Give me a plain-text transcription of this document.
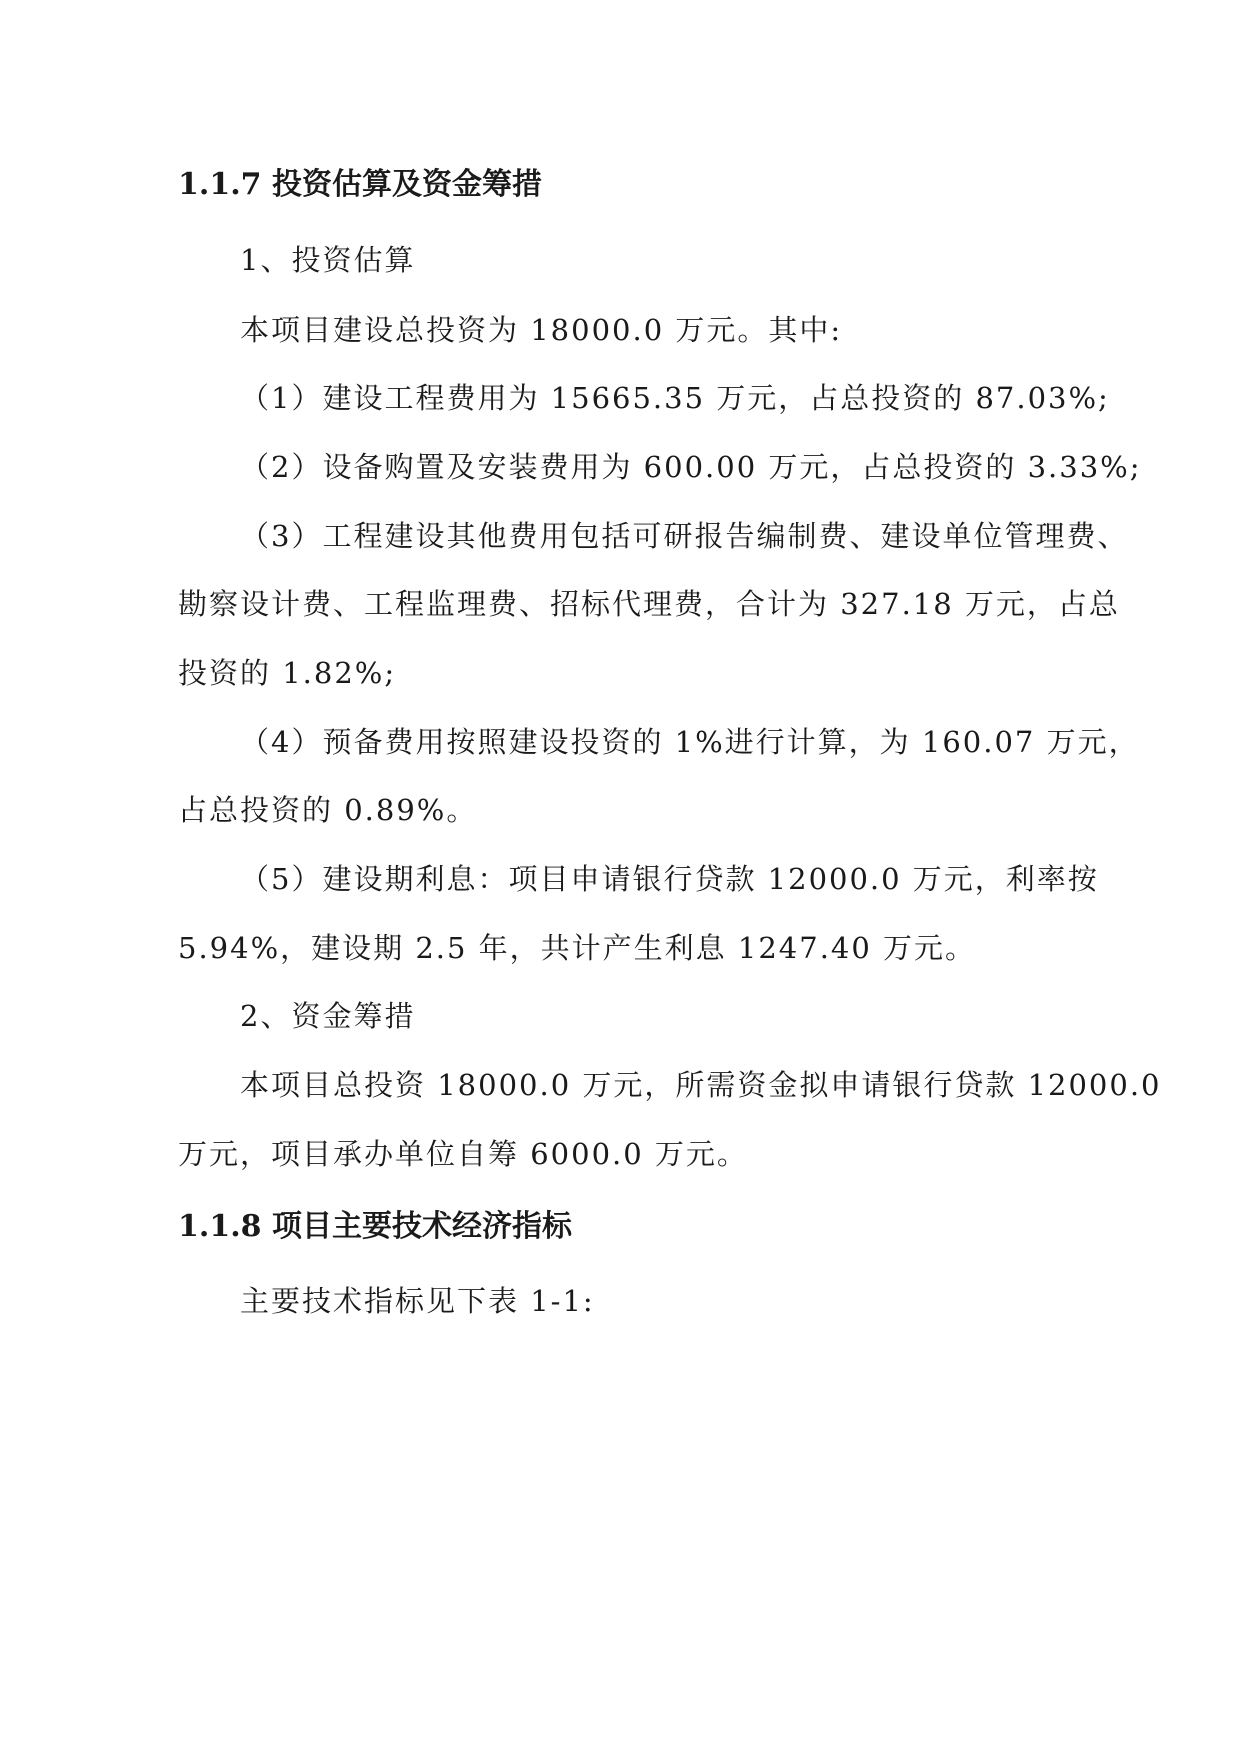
1.1.7 投资估算及资金筹措
1、投资估算
本项目建设总投资为 18000.0 万元。其中:
（1）建设工程费用为 15665.35 万元，占总投资的 87.03%;
（2）设备购置及安装费用为 600.00 万元，占总投资的 3.33%;
（3）工程建设其他费用包括可研报告编制费、建设单位管理费、
勘察设计费、工程监理费、招标代理费，合计为 327.18 万元，占总
投资的 1.82%;
（4）预备费用按照建设投资的 1%进行计算，为 160.07 万元，
占总投资的 0.89%。
（5）建设期利息：项目申请银行贷款 12000.0 万元，利率按
5.94%，建设期 2.5 年，共计产生利息 1247.40 万元。
2、资金筹措
本项目总投资 18000.0 万元，所需资金拟申请银行贷款 12000.0
万元，项目承办单位自筹 6000.0 万元。
1.1.8 项目主要技术经济指标
主要技术指标见下表 1-1:
